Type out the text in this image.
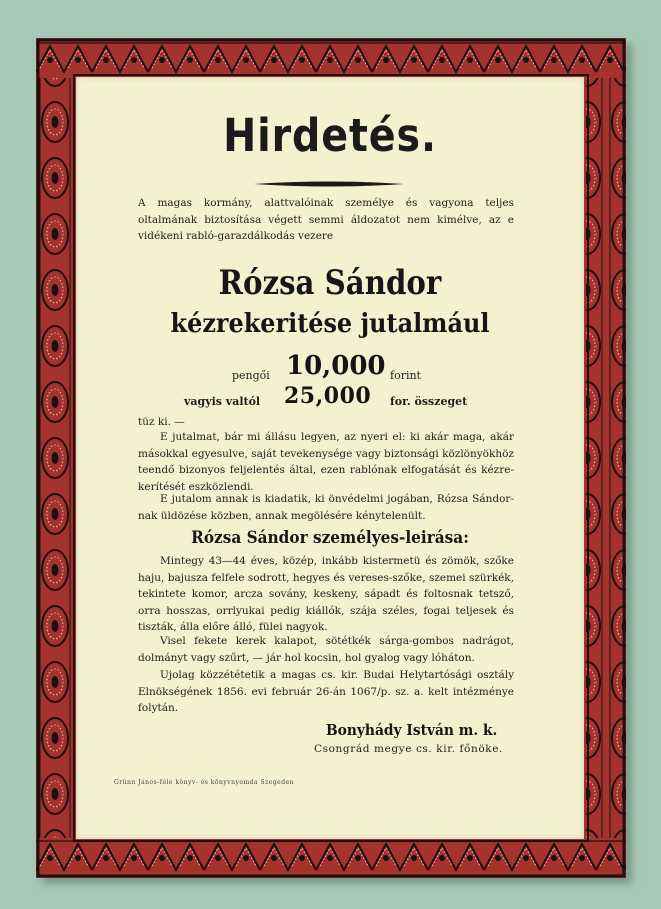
Hirdetés.
A magas kormány, alattvalóinak személye és vagyona teljes oltalmának biztosítása végett semmi áldozatot nem kimélve, az e vidékeni rabló-garazdálkodás vezere
Rózsa Sándor
kézrekeritése jutalmául
pengői 10,000 forint
vagyis valtól 25,000 for. összeget
tüz ki. —
E jutalmat, bár mi állásu legyen, az nyeri el: ki akár maga, akár másokkal egyesulve, saját tevekenysége vagy biztonsági közlönyökhöz teendő bizonyos feljelentés által, ezen rablónak elfogatását és kézre-kerítését eszközlendi.
E jutalom annak is kiadatik, ki önvédelmi jogában, Rózsa Sándor-nak üldözése közben, annak megölésére kénytelenült.
Rózsa Sándor személyes-leirása:
Mintegy 43—44 éves, közép, inkább kistermetü és zömök, szőke haju, bajusza felfele sodrott, hegyes és vereses-szőke, szemei szürkék, tekintete komor, arcza sovány, keskeny, sápadt és foltosnak tetsző, orra hosszas, orrlyukai pedig kiállók, szája széles, fogai teljesek és tiszták, álla előre álló, fülei nagyok.
Visel fekete kerek kalapot, sötétkék sárga-gombos nadrágot, dolmányt vagy szűrt, — jár hol kocsin, hol gyalog vagy lóháton.
Ujolag közzététetik a magas cs. kir. Budai Helytartósági osztály Elnökségének 1856. evi február 26-án 1067/p. sz. a. kelt intézménye folytán.
Bonyhády István m. k.
Csongrád megye cs. kir. főnöke.
Grünn János-féle könyv- és könyvnyomda Szegeden
